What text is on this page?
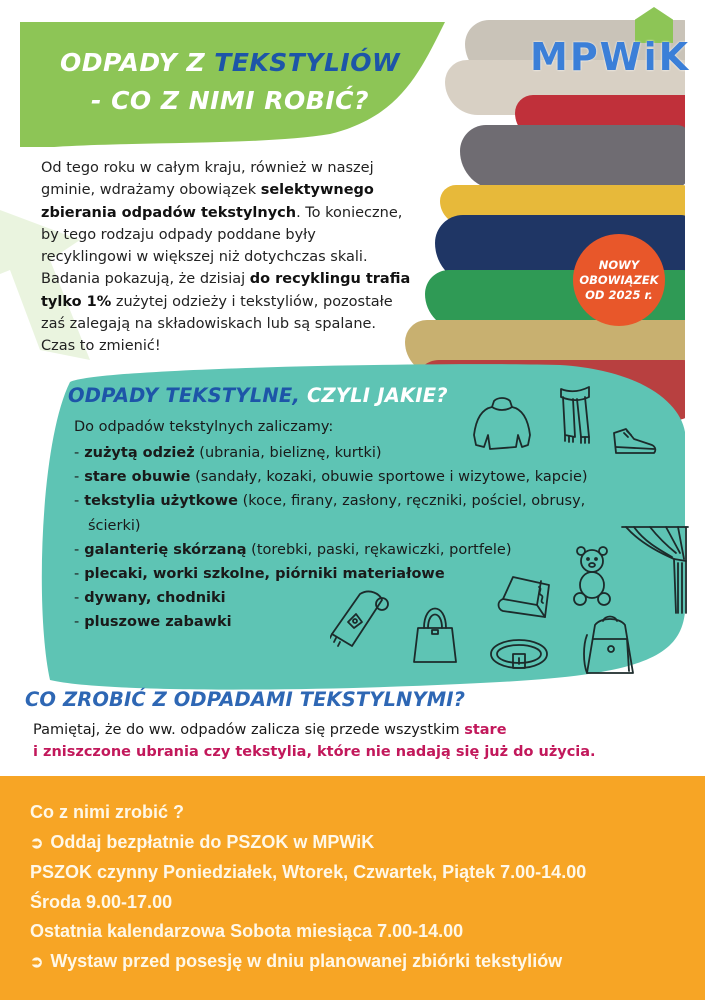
MPWiK
ODPADY Z TEKSTYLIÓW
- CO Z NIMI ROBIĆ?
NOWY
OBOWIĄZEK
OD 2025 r.

Od tego roku w całym kraju, również w naszej gminie, wdrażamy obowiązek selektywnego zbierania odpadów tekstylnych. To konieczne, by tego rodzaju odpady poddane były recyklingowi w większej niż dotychczas skali. Badania pokazują, że dzisiaj do recyklingu trafia tylko 1% zużytej odzieży i tekstyliów, pozostałe zaś zalegają na składowiskach lub są spalane. Czas to zmienić!

ODPADY TEKSTYLNE, CZYLI JAKIE?
Do odpadów tekstylnych zaliczamy:
- zużytą odzież (ubrania, bieliznę, kurtki)
- stare obuwie (sandały, kozaki, obuwie sportowe i wizytowe, kapcie)
- tekstylia użytkowe (koce, firany, zasłony, ręczniki, pościel, obrusy,
ścierki)
- galanterię skórzaną (torebki, paski, rękawiczki, portfele)
- plecaki, worki szkolne, piórniki materiałowe
- dywany, chodniki
- pluszowe zabawki
CO ZROBIĆ Z ODPADAMI TEKSTYLNYMI?

Pamiętaj, że do ww. odpadów zalicza się przede wszystkim stare
i zniszczone ubrania czy tekstylia, które nie nadają się już do użycia.

Co z nimi zrobić ?
➲ Oddaj bezpłatnie do PSZOK w MPWiK
PSZOK czynny Poniedziałek, Wtorek, Czwartek, Piątek 7.00-14.00
Środa 9.00-17.00
Ostatnia kalendarzowa Sobota miesiąca 7.00-14.00
➲ Wystaw przed posesję w dniu planowanej zbiórki tekstyliów
